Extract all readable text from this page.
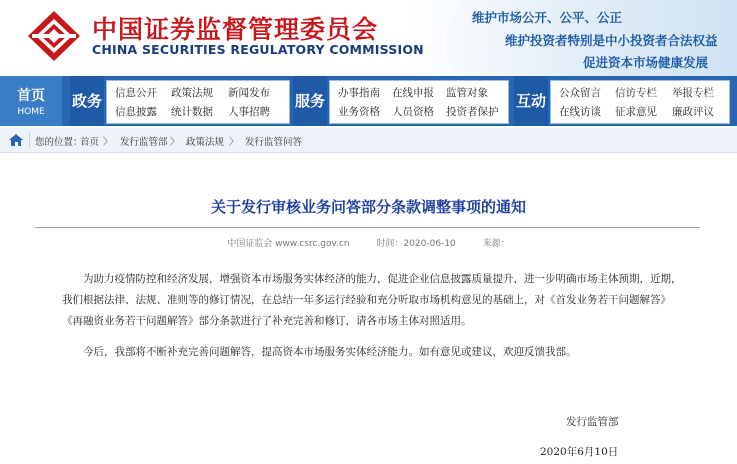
中国证券监督管理委员会
CHINA SECURITIES REGULATORY COMMISSION
维护市场公开、公平、公正
维护投资者特别是中小投资者合法权益
促进资本市场健康发展
首页
HOME
政务 信息公开 政策法规 新闻发布
信息披露 统计数据 人事招聘
服务 办事指南 在线申报 监管对象
业务资格 人员资格 投资者保护
互动 公众留言 信访专栏 举报专栏
在线访谈 征求意见 廉政评议
您的位置：
首页 〉 发行监管部 〉 政策法规 〉 发行监管问答
关于发行审核业务问答部分条款调整事项的通知
中国证监会 www.csrc.gov.cn	时间：2020-06-10	来源：
为助力疫情防控和经济发展，增强资本市场服务实体经济的能力，促进企业信息披露质量提升，进一步明确市场主体预期，近期，我们根据法律、法规、准则等的修订情况，在总结一年多运行经验和充分听取市场机构意见的基础上，对《首发业务若干问题解答》《再融资业务若干问题解答》部分条款进行了补充完善和修订，请各市场主体对照适用。
今后，我部将不断补充完善问题解答，提高资本市场服务实体经济能力。如有意见或建议，欢迎反馈我部。
发行监管部
2020年6月10日
